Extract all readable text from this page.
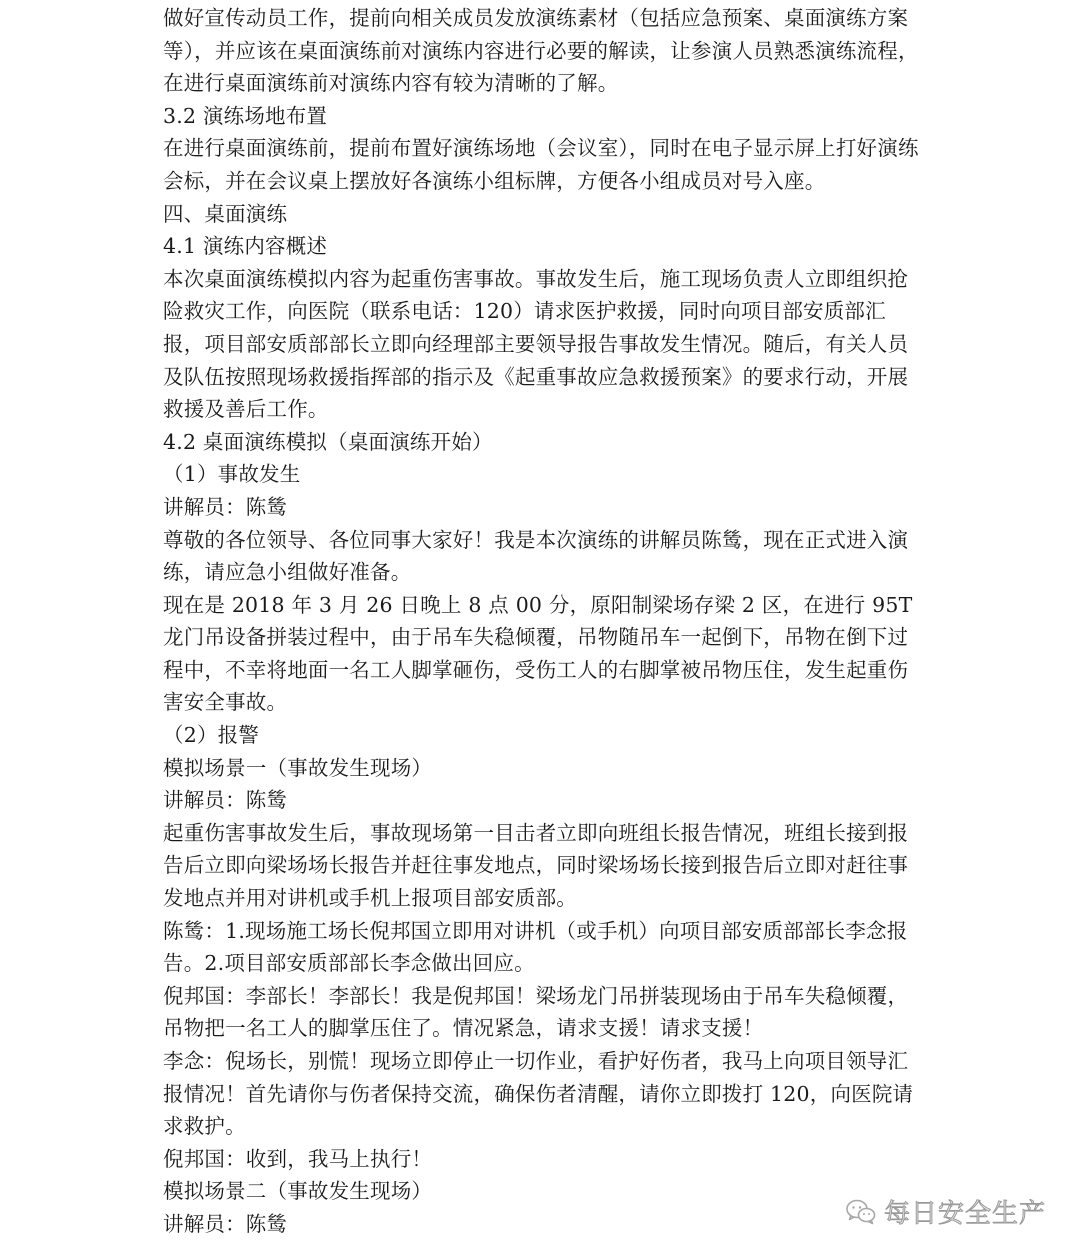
做好宣传动员工作，提前向相关成员发放演练素材（包括应急预案、桌面演练方案等），并应该在桌面演练前对演练内容进行必要的解读，让参演人员熟悉演练流程，在进行桌面演练前对演练内容有较为清晰的了解。

3.2 演练场地布置

在进行桌面演练前，提前布置好演练场地（会议室），同时在电子显示屏上打好演练会标，并在会议桌上摆放好各演练小组标牌，方便各小组成员对号入座。

四、桌面演练

4.1 演练内容概述

本次桌面演练模拟内容为起重伤害事故。事故发生后，施工现场负责人立即组织抢险救灾工作，向医院（联系电话：120）请求医护救援，同时向项目部安质部汇报，项目部安质部部长立即向经理部主要领导报告事故发生情况。随后，有关人员及队伍按照现场救援指挥部的指示及《起重事故应急救援预案》的要求行动，开展救援及善后工作。

4.2 桌面演练模拟（桌面演练开始）

（1）事故发生

讲解员：陈鸶

尊敬的各位领导、各位同事大家好！我是本次演练的讲解员陈鸶，现在正式进入演练，请应急小组做好准备。

现在是 2018 年 3 月 26 日晚上 8 点 00 分，原阳制梁场存梁 2 区，在进行 95T 龙门吊设备拼装过程中，由于吊车失稳倾覆，吊物随吊车一起倒下，吊物在倒下过程中，不幸将地面一名工人脚掌砸伤，受伤工人的右脚掌被吊物压住，发生起重伤害安全事故。

（2）报警

模拟场景一（事故发生现场）

讲解员：陈鸶

起重伤害事故发生后，事故现场第一目击者立即向班组长报告情况，班组长接到报告后立即向梁场场长报告并赶往事发地点，同时梁场场长接到报告后立即对赶往事发地点并用对讲机或手机上报项目部安质部。

陈鸶：1.现场施工场长倪邦国立即用对讲机（或手机）向项目部安质部部长李念报告。2.项目部安质部部长李念做出回应。

倪邦国：李部长！李部长！我是倪邦国！梁场龙门吊拼装现场由于吊车失稳倾覆，吊物把一名工人的脚掌压住了。情况紧急，请求支援！请求支援！

李念：倪场长，别慌！现场立即停止一切作业，看护好伤者，我马上向项目领导汇报情况！首先请你与伤者保持交流，确保伤者清醒，请你立即拨打 120，向医院请求救护。

倪邦国：收到，我马上执行！

模拟场景二（事故发生现场）

讲解员：陈鸶	每日安全生产
